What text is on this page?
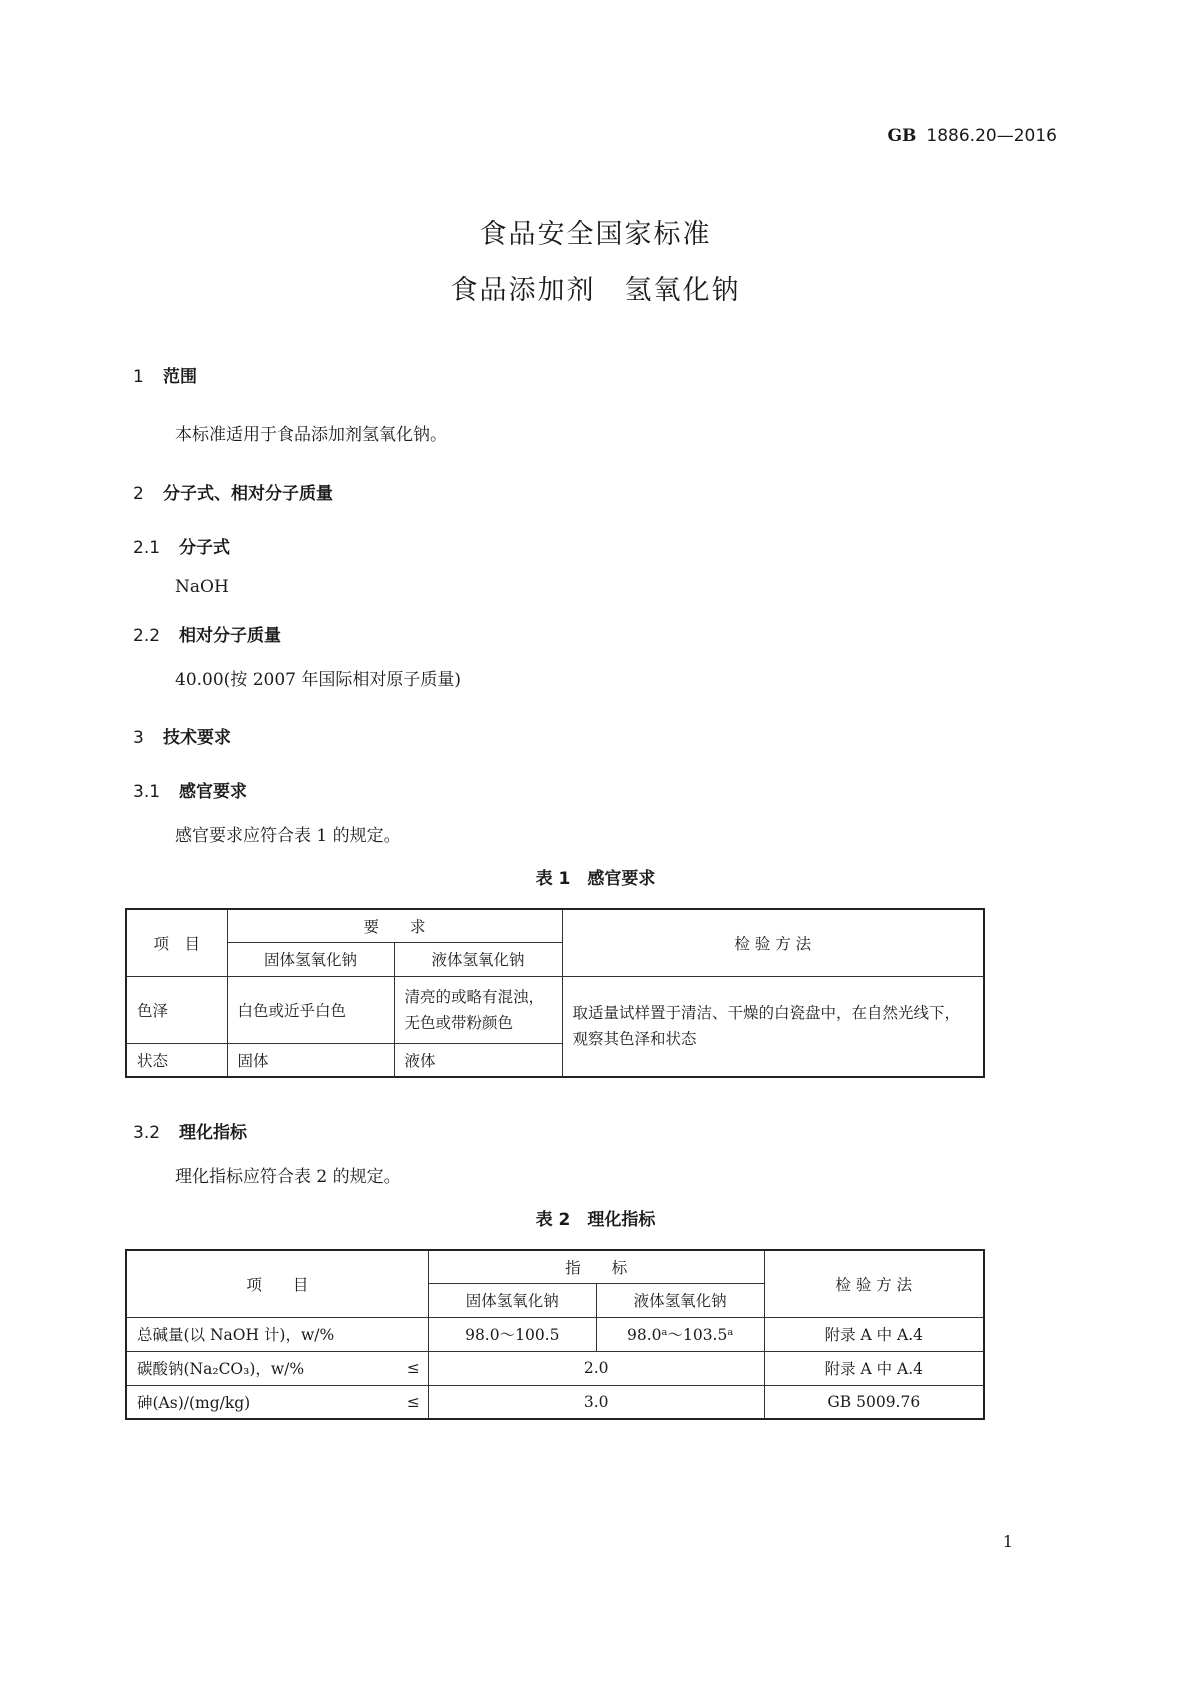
GB 1886.20—2016
食品安全国家标准
食品添加剂　氢氧化钠
1 范围
本标准适用于食品添加剂氢氧化钠。
2 分子式、相对分子质量
2.1 分子式
NaOH
2.2 相对分子质量
40.00(按 2007 年国际相对原子质量)
3 技术要求
3.1 感官要求
感官要求应符合表 1 的规定。
表 1　感官要求
项　目	要　　求		检 验 方 法
	固体氢氧化钠	液体氢氧化钠	
色泽	白色或近乎白色	清亮的或略有混浊，无色或带粉颜色	取适量试样置于清洁、干燥的白瓷盘中，在自然光线下，观察其色泽和状态
状态	固体	液体	
3.2 理化指标
理化指标应符合表 2 的规定。
表 2　理化指标
项　　目		指　　标		检 验 方 法
		固体氢氧化钠	液体氢氧化钠	
总碱量(以 NaOH 计)，w/%		98.0～100.5	98.0ᵃ～103.5ᵃ	附录 A 中 A.4
碳酸钠(Na₂CO₃)，w/%	≤	2.0		附录 A 中 A.4
砷(As)/(mg/kg)	≤	3.0		GB 5009.76
1
